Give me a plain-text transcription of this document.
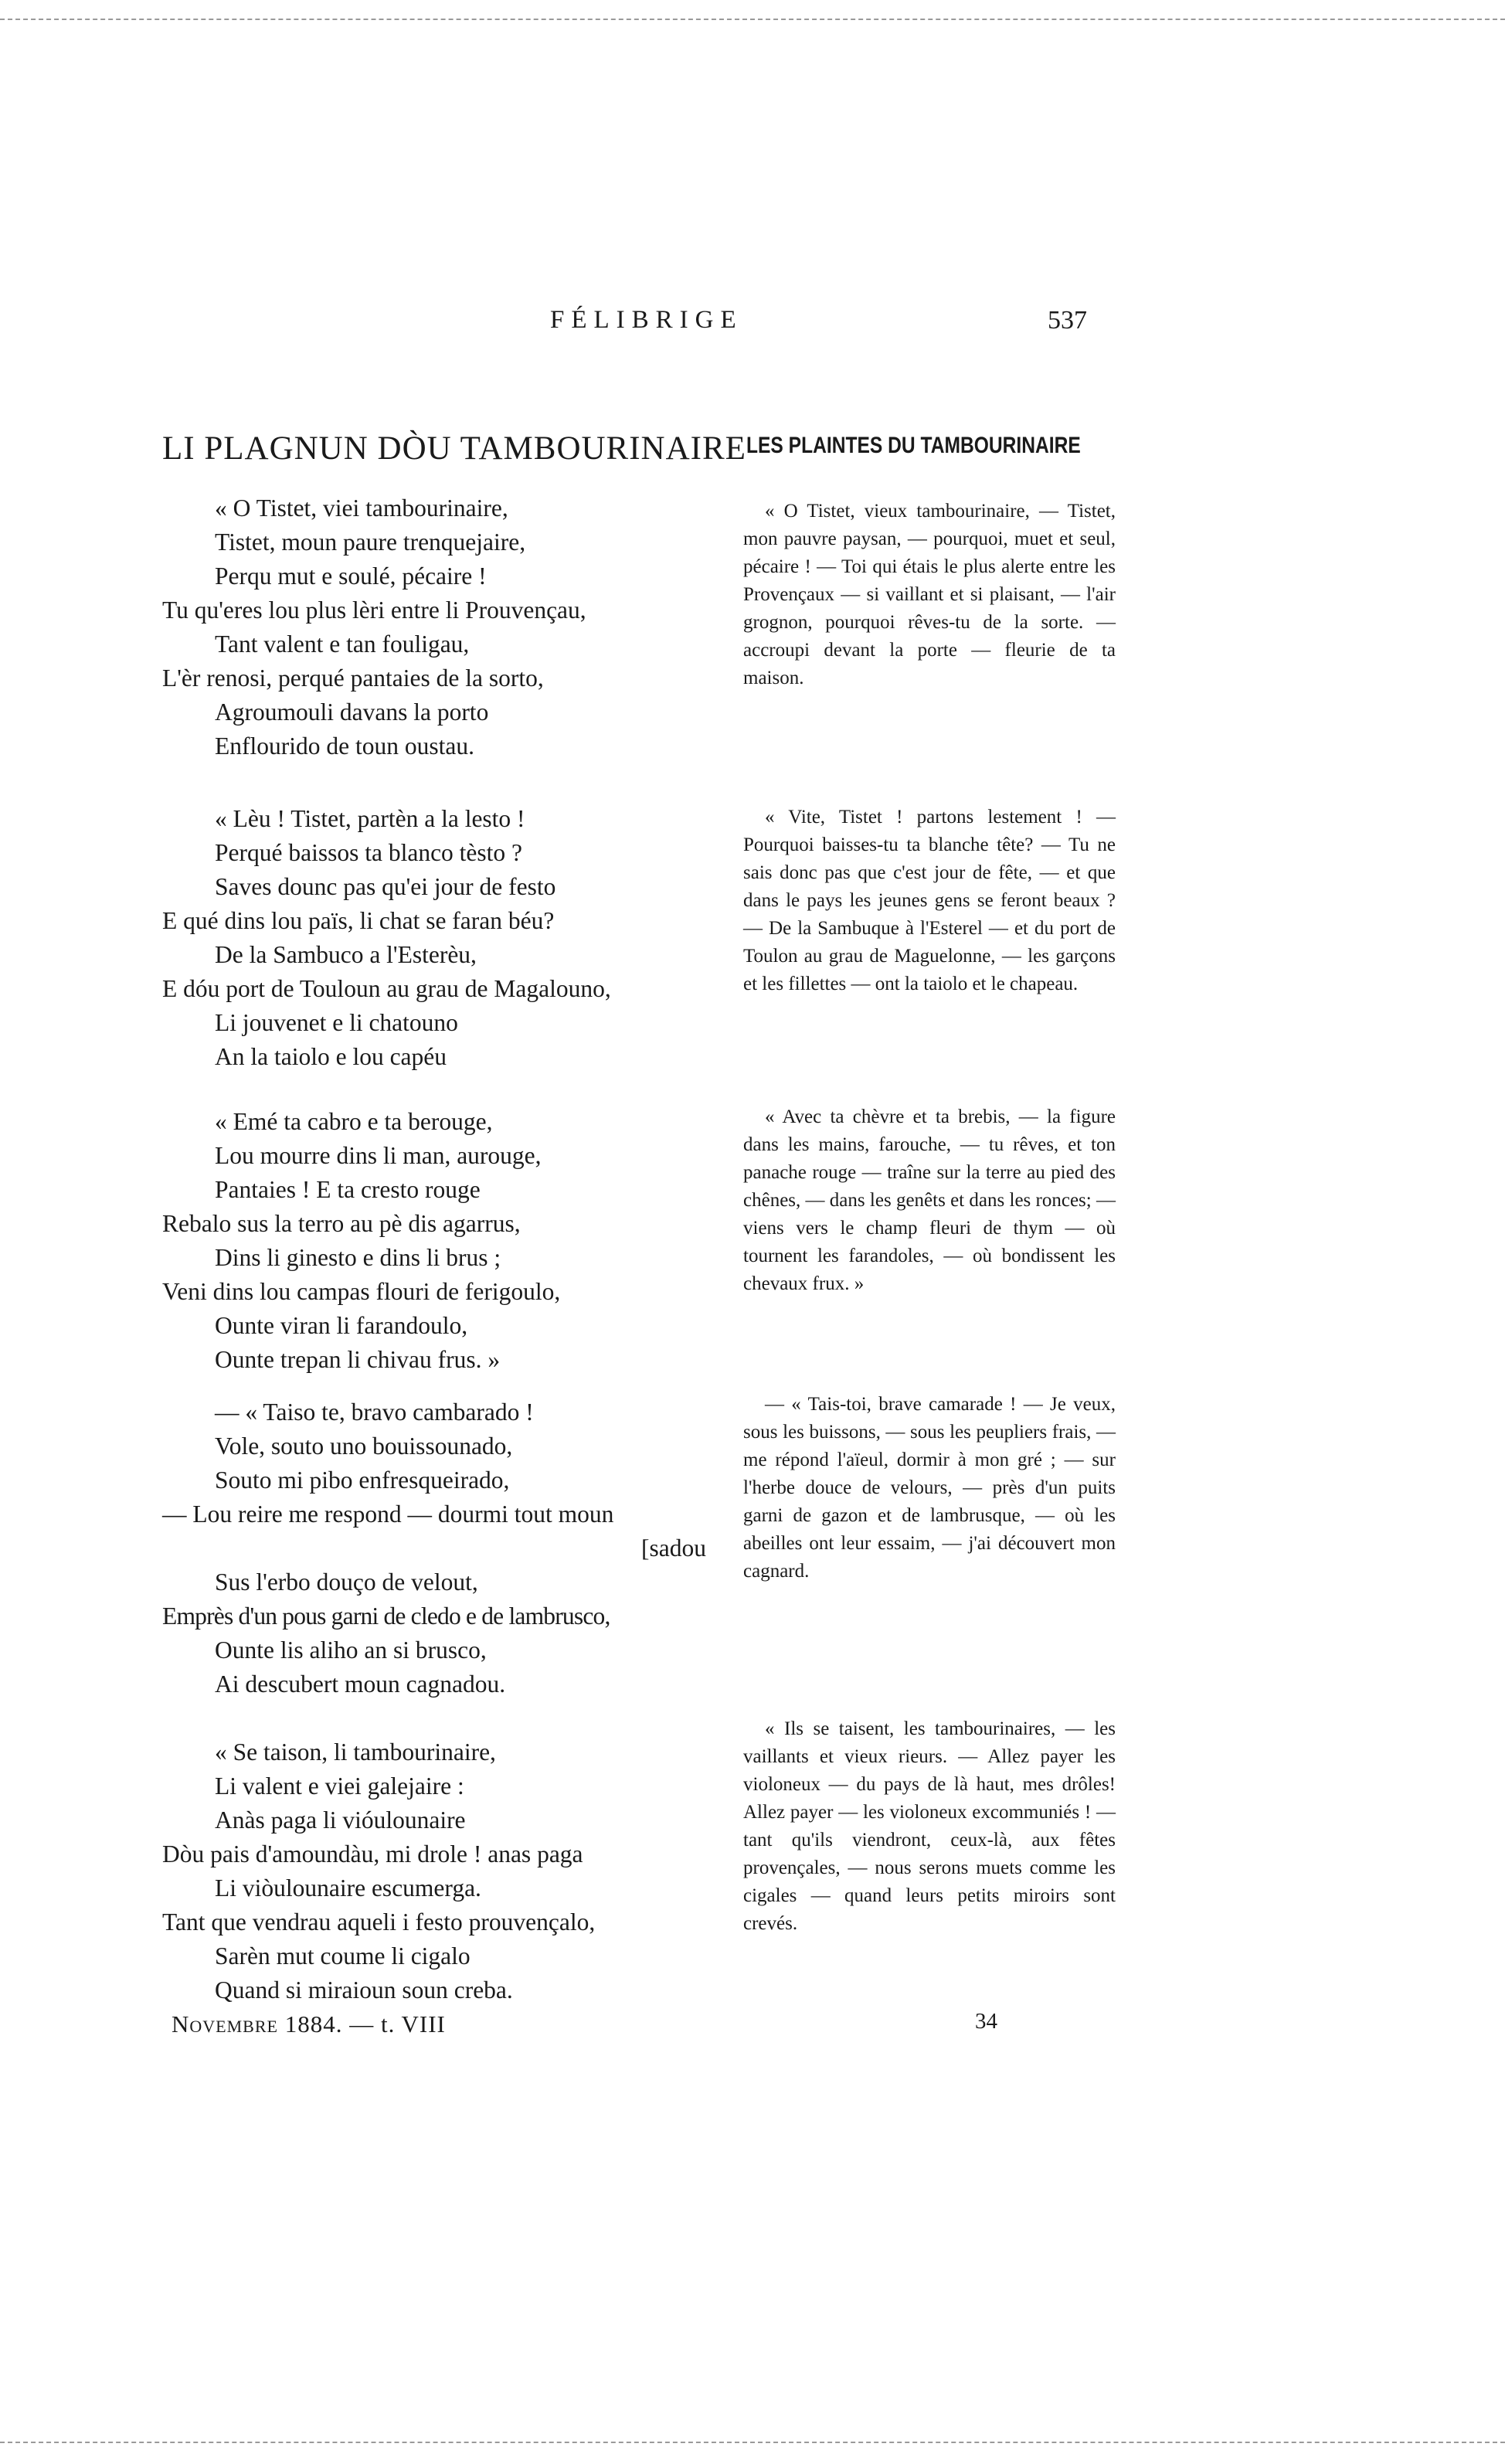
FÉLIBRIGE	537
LI PLAGNUN DÒU TAMBOURINAIRE LES PLAINTES DU TAMBOURINAIRE
« O Tistet, viei tambourinaire,
Tistet, moun paure trenquejaire,
Perqu mut e soulé, pécaire !
Tu qu'eres lou plus lèri entre li Prouvençau,
Tant valent e tan fouligau,
L'èr renosi, perqué pantaies de la sorto,
Agroumouli davans la porto
Enflourido de toun oustau.
« Lèu ! Tistet, partèn a la lesto !
Perqué baissos ta blanco tèsto ?
Saves dounc pas qu'ei jour de festo
E qué dins lou païs, li chat se faran béu?
De la Sambuco a l'Esterèu,
E dóu port de Touloun au grau de Magalouno,
Li jouvenet e li chatouno
An la taiolo e lou capéu
« Emé ta cabro e ta berouge,
Lou mourre dins li man, aurouge,
Pantaies ! E ta cresto rouge
Rebalo sus la terro au pè dis agarrus,
Dins li ginesto e dins li brus ;
Veni dins lou campas flouri de ferigoulo,
Ounte viran li farandoulo,
Ounte trepan li chivau frus. »
— « Taiso te, bravo cambarado !
Vole, souto uno bouissounado,
Souto mi pibo enfresqueirado,
— Lou reire me respond — dourmi tout moun
[sadou
Sus l'erbo douço de velout,
Emprès d'un pous garni de cledo e de lambrusco,
Ounte lis aliho an si brusco,
Ai descubert moun cagnadou.
« Se taison, li tambourinaire,
Li valent e viei galejaire :
Anàs paga li vióulounaire
Dòu pais d'amoundàu, mi drole ! anas paga
Li viòulounaire escumerga.
Tant que vendrau aqueli i festo prouvençalo,
Sarèn mut coume li cigalo
Quand si miraioun soun creba.

« O Tistet, vieux tambourinaire, — Tistet, mon pauvre paysan, — pourquoi, muet et seul, pécaire ! — Toi qui étais le plus alerte entre les Provençaux — si vaillant et si plaisant, — l'air grognon, pourquoi rêves-tu de la sorte. — accroupi devant la porte — fleurie de ta maison.

« Vite, Tistet ! partons lestement ! — Pourquoi baisses-tu ta blanche tête? — Tu ne sais donc pas que c'est jour de fête, — et que dans le pays les jeunes gens se feront beaux ? — De la Sambuque à l'Esterel — et du port de Toulon au grau de Maguelonne, — les garçons et les fillettes — ont la taiolo et le chapeau.

« Avec ta chèvre et ta brebis, — la figure dans les mains, farouche, — tu rêves, et ton panache rouge — traîne sur la terre au pied des chênes, — dans les genêts et dans les ronces; — viens vers le champ fleuri de thym — où tournent les farandoles, — où bondissent les chevaux frux. »

— « Tais-toi, brave camarade ! — Je veux, sous les buissons, — sous les peupliers frais, — me répond l'aïeul, dormir à mon gré ; — sur l'herbe douce de velours, — près d'un puits garni de gazon et de lambrusque, — où les abeilles ont leur essaim, — j'ai découvert mon cagnard.

« Ils se taisent, les tambourinaires, — les vaillants et vieux rieurs. — Allez payer les violoneux — du pays de là haut, mes drôles! Allez payer — les violoneux excommuniés ! — tant qu'ils viendront, ceux-là, aux fêtes provençales, — nous serons muets comme les cigales — quand leurs petits miroirs sont crevés.

Novembre 1884. — t. VIII	34
